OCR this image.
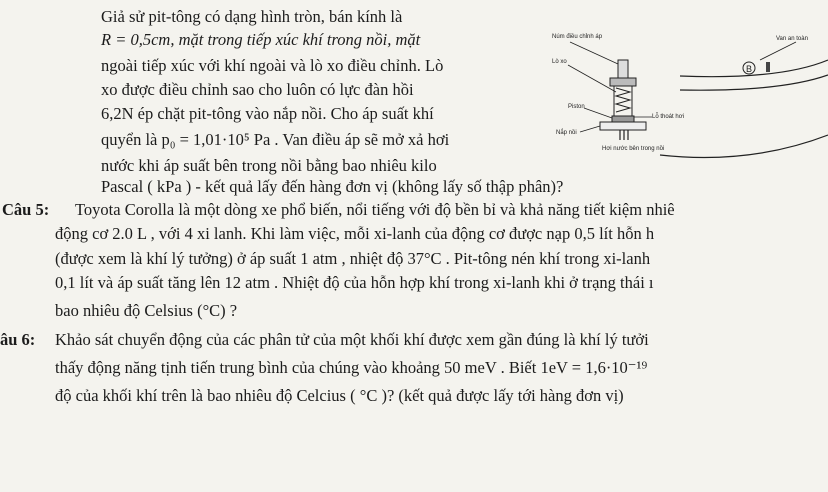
Giả sử pit-tông có dạng hình tròn, bán kính là
R = 0,5cm, mặt trong tiếp xúc khí trong nồi, mặt
ngoài tiếp xúc với khí ngoài và lò xo điều chỉnh. Lò
xo được điều chỉnh sao cho luôn có lực đàn hồi
6,2N ép chặt pit-tông vào nắp nồi. Cho áp suất khí
quyển là p₀ = 1,01·10⁵ Pa . Van điều áp sẽ mở xả hơi
nước khi áp suất bên trong nồi bằng bao nhiêu kilo
Pascal ( kPa ) - kết quả lấy đến hàng đơn vị (không lấy số thập phân)?
B
Núm điều chỉnh áp
Lò xo
Piston
Lỗ thoát hơi
Nắp nồi
Hơi nước bên trong nồi
Van an toàn
Câu 5: Toyota Corolla là một dòng xe phổ biến, nổi tiếng với độ bền bỉ và khả năng tiết kiệm nhiê
động cơ 2.0 L , với 4 xi lanh. Khi làm việc, mỗi xi-lanh của động cơ được nạp 0,5 lít hỗn h
(được xem là khí lý tưởng) ở áp suất 1 atm , nhiệt độ 37°C . Pit-tông nén khí trong xi-lanh
0,1 lít và áp suất tăng lên 12 atm . Nhiệt độ của hỗn hợp khí trong xi-lanh khi ở trạng thái ı
bao nhiêu độ Celsius (°C) ?
âu 6: Khảo sát chuyển động của các phân tử của một khối khí được xem gần đúng là khí lý tưởi
thấy động năng tịnh tiến trung bình của chúng vào khoảng 50 meV . Biết 1eV = 1,6·10⁻¹⁹
độ của khối khí trên là bao nhiêu độ Celcius ( °C )? (kết quả được lấy tới hàng đơn vị)
